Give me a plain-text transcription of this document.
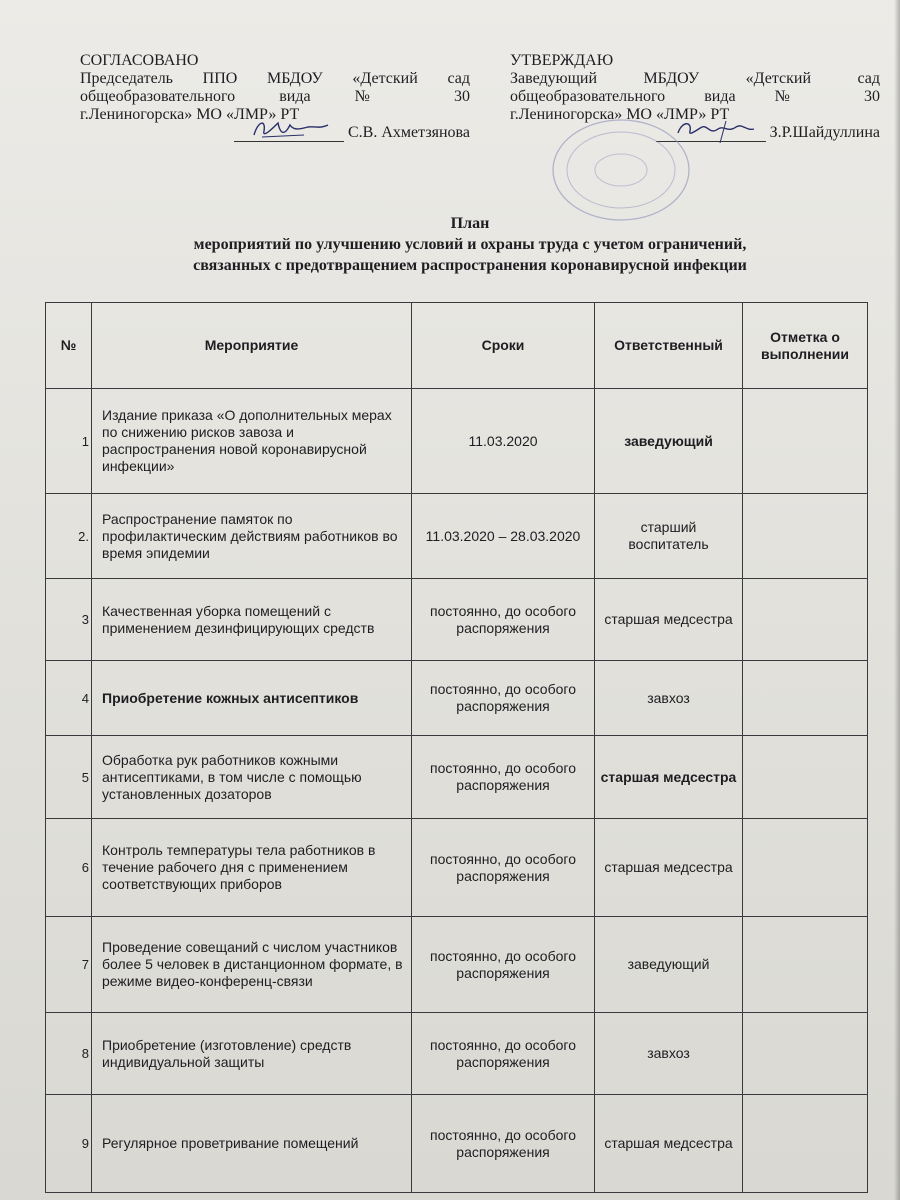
СОГЛАСОВАНО
Председатель ППО МБДОУ «Детский сад
общеобразовательного вида № 30
г.Лениногорска» МО «ЛМР» РТ
С.В. Ахметзянова
УТВЕРЖДАЮ
Заведующий МБДОУ «Детский сад
общеобразовательного вида № 30
г.Лениногорска» МО «ЛМР» РТ
З.Р.Шайдуллина
План
мероприятий по улучшению условий и охраны труда с учетом ограничений,
связанных с предотвращением распространения коронавирусной инфекции
№	Мероприятие	Сроки	Ответственный	Отметка о выполнении
1	Издание приказа «О дополнительных мерах по снижению рисков завоза и распространения новой коронавирусной инфекции»	11.03.2020	заведующий	
2.	Распространение памяток по профилактическим действиям работников во время эпидемии	11.03.2020 – 28.03.2020	старший воспитатель	
3	Качественная уборка помещений с применением дезинфицирующих средств	постоянно, до особого распоряжения	старшая медсестра	
4	Приобретение кожных антисептиков	постоянно, до особого распоряжения	завхоз	
5	Обработка рук работников кожными антисептиками, в том числе с помощью установленных дозаторов	постоянно, до особого распоряжения	старшая медсестра	
6	Контроль температуры тела работников в течение рабочего дня с применением соответствующих приборов	постоянно, до особого распоряжения	старшая медсестра	
7	Проведение совещаний с числом участников более 5 человек в дистанционном формате, в режиме видео-конференц-связи	постоянно, до особого распоряжения	заведующий	
8	Приобретение (изготовление) средств индивидуальной защиты	постоянно, до особого распоряжения	завхоз	
9	Регулярное проветривание помещений	постоянно, до особого распоряжения	старшая медсестра	
